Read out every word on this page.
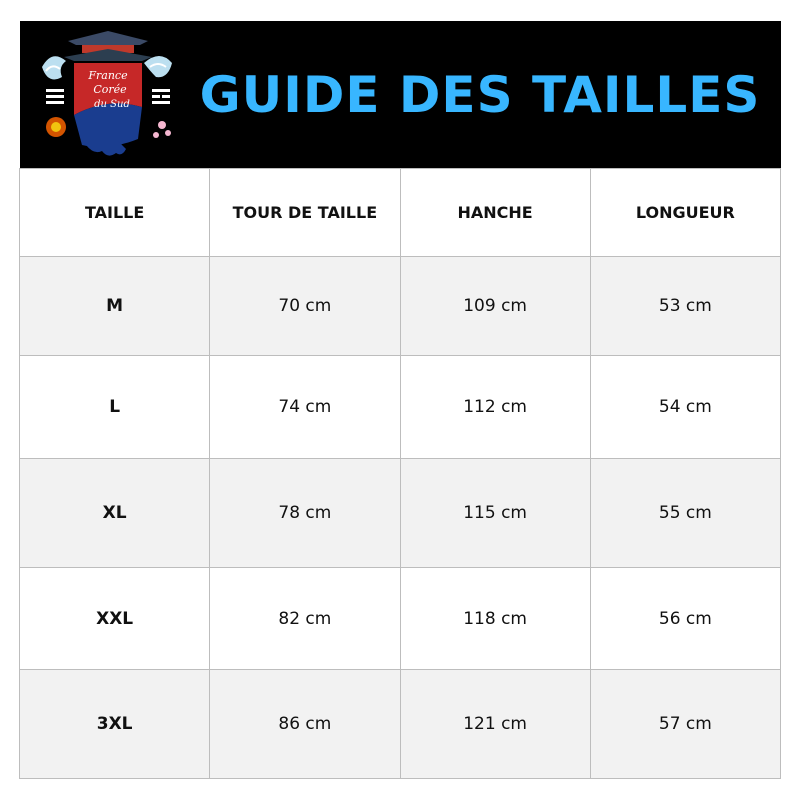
France
Corée
du Sud	GUIDE DES TAILLES
TAILLE	TOUR DE TAILLE	HANCHE	LONGUEUR
M	70 cm	109 cm	53 cm
L	74 cm	112 cm	54 cm
XL	78 cm	115 cm	55 cm
XXL	82 cm	118 cm	56 cm
3XL	86 cm	121 cm	57 cm
